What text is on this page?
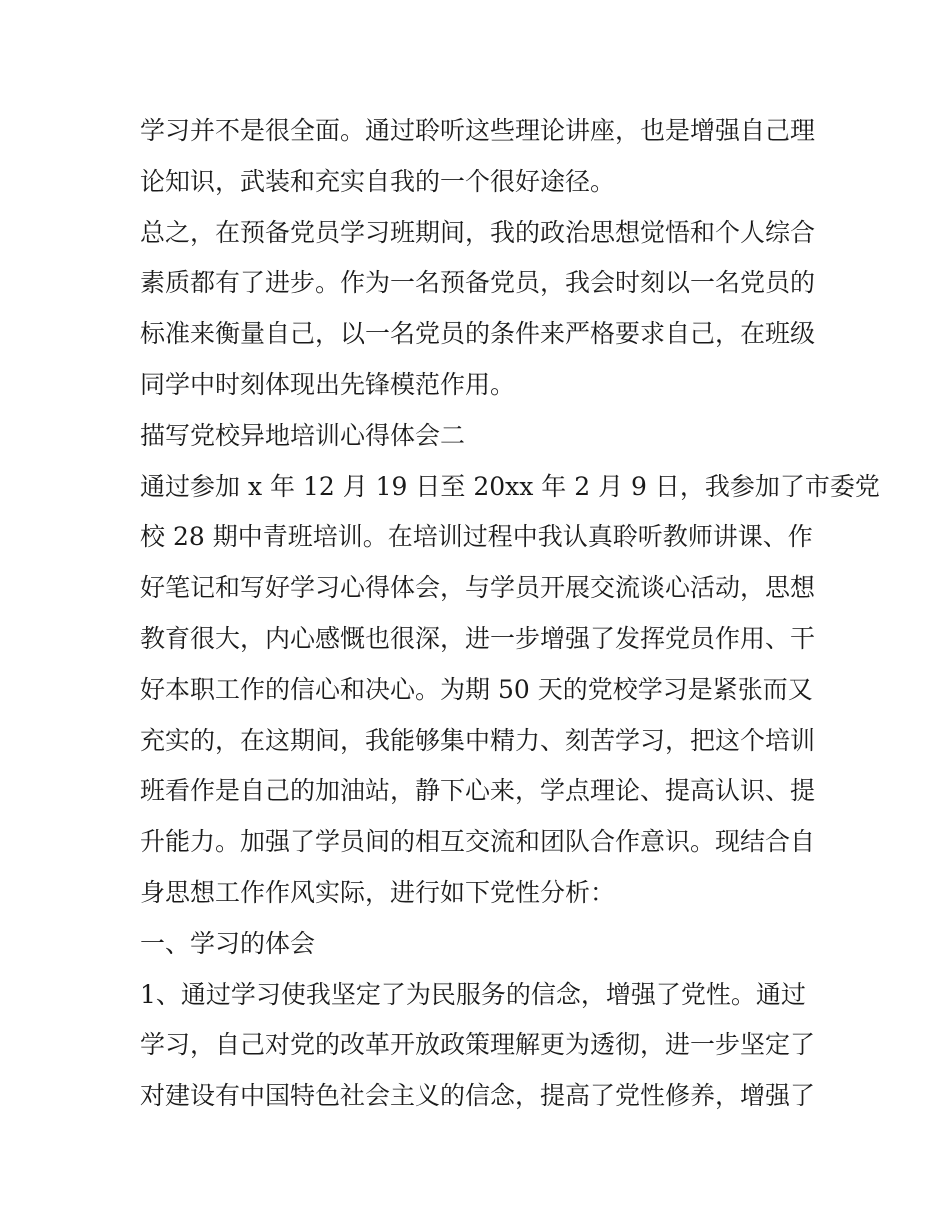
学习并不是很全面。通过聆听这些理论讲座，也是增强自己理
论知识，武装和充实自我的一个很好途径。
总之，在预备党员学习班期间，我的政治思想觉悟和个人综合
素质都有了进步。作为一名预备党员，我会时刻以一名党员的
标准来衡量自己，以一名党员的条件来严格要求自己，在班级
同学中时刻体现出先锋模范作用。
描写党校异地培训心得体会二
通过参加 x 年 12 月 19 日至 20xx 年 2 月 9 日，我参加了市委党
校 28 期中青班培训。在培训过程中我认真聆听教师讲课、作
好笔记和写好学习心得体会，与学员开展交流谈心活动，思想
教育很大，内心感慨也很深，进一步增强了发挥党员作用、干
好本职工作的信心和决心。为期 50 天的党校学习是紧张而又
充实的，在这期间，我能够集中精力、刻苦学习，把这个培训
班看作是自己的加油站，静下心来，学点理论、提高认识、提
升能力。加强了学员间的相互交流和团队合作意识。现结合自
身思想工作作风实际，进行如下党性分析：
一、学习的体会
1、通过学习使我坚定了为民服务的信念，增强了党性。通过
学习，自己对党的改革开放政策理解更为透彻，进一步坚定了
对建设有中国特色社会主义的信念，提高了党性修养，增强了
